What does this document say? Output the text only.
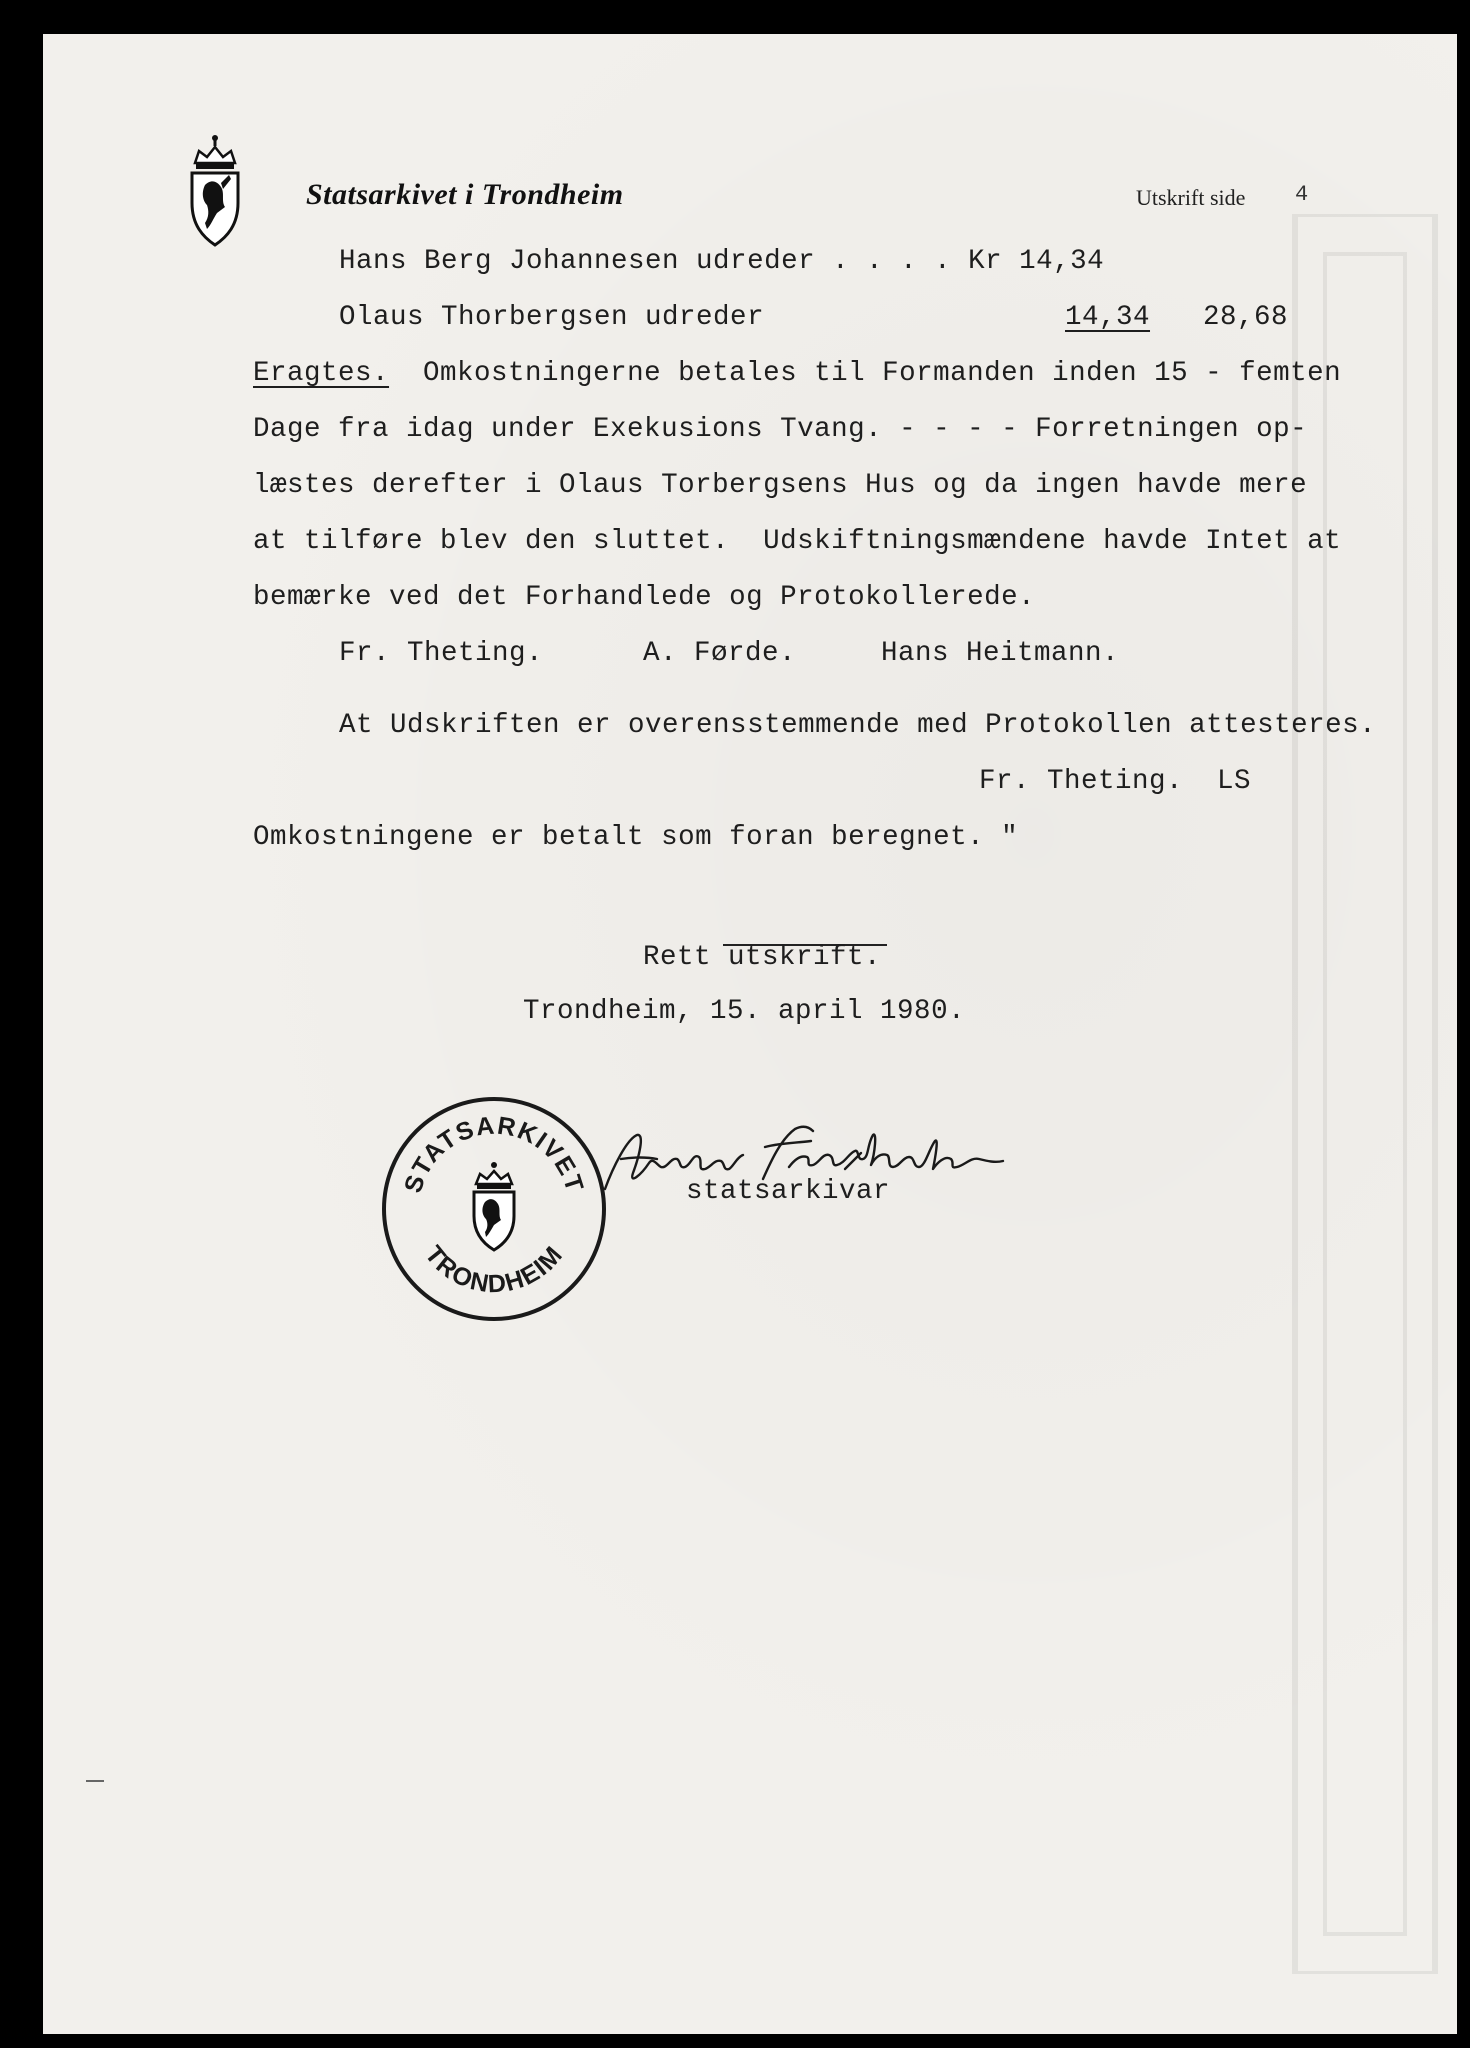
Statsarkivet i Trondheim	Utskrift side 4
Hans Berg Johannesen udreder . . . . Kr 14,34
Olaus Thorbergsen udreder	14,34 28,68
Eragtes.  Omkostningerne betales til Formanden inden 15 - femten
Dage fra idag under Exekusions Tvang. - - - - Forretningen op-
læstes derefter i Olaus Torbergsens Hus og da ingen havde mere
at tilføre blev den sluttet.  Udskiftningsmændene havde Intet at
bemærke ved det Forhandlede og Protokollerede.
Fr. Theting.	A. Førde.	Hans Heitmann.
At Udskriften er overensstemmende med Protokollen attesteres.
Fr. Theting.  LS
Omkostningene er betalt som foran beregnet. "
Rett utskrift.
Trondheim, 15. april 1980.
statsarkivar
STATSARKIVET
TRONDHEIM
